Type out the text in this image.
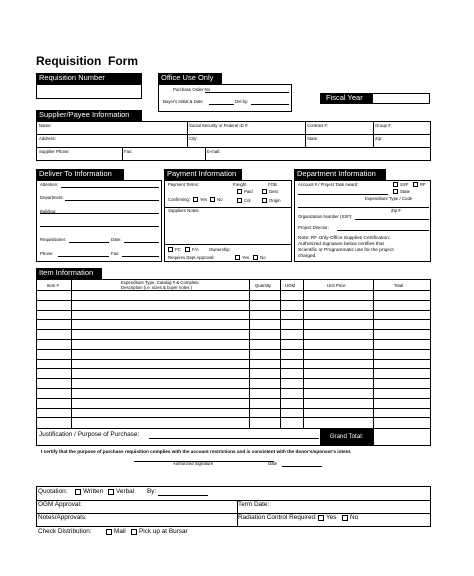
Requisition  Form
Requisition Number	Office Use Only
Purchase Order No
Buyer's Initial & Date	Del by:	Fiscal Year
Supplier/Payee Information
Name:	Social Security or Federal ID #:	Contract #:	Group #:
Address:	City:	State:	Zip:
Supplier Phone:	Fax:	E-mail:
Deliver To Information
Attention:
Department:
Building:
Requisitioner:	Date:
Phone:	Fax:
Payment Information
Payment Terms:	Freight	FOB
Dest
Confirming: Yes No
Paid
Col	Origin
Suppliers Notes:
FC	F/A Ownership:
Requires Dept Approval:	Yes	No
Department Information
Account # / Project Task Award:	SSF	RF
State
Expenditure Type / Code
Zip #:
Organization Number (SSF):
Project Director:
Note: RF Only-Office Supplies Certification:
Authorized Signature below certifies that
Scientific or Programmatic use for the project
charged.
Item Information
Item #
Expenditure Type, Catalog # & Complete
Description (i.e. sizes & buyer notes )	Quantity	UOM	Unit Price	Total
Justification / Purpose of Purchase:	Grand Total:
I certify that the purpose of purchase requisition complies with the account restrictions and is consistent with the donor's/sponsor's intent.
Authorized Signature	Date
Quotation: Written Verbal By:
OGM Approval:	Term Date:
Notes/Approvals:	Radiation Control Required: Yes No
Check Distribution:	Mail Pick up at Bursar
